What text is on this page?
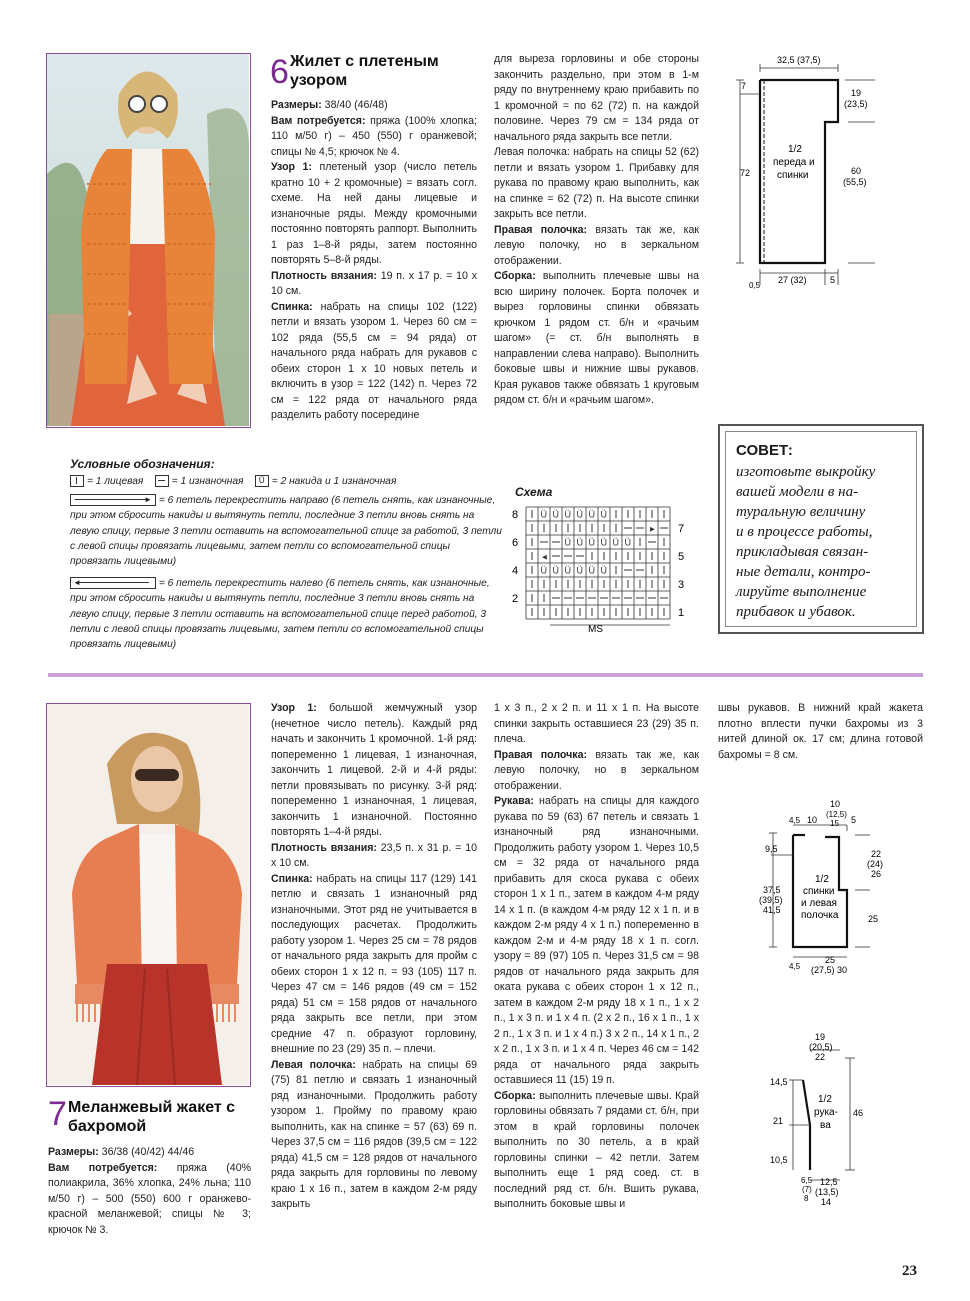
6 Жилет с плетеным узором

Размеры: 38/40 (46/48)

Вам потребуется: пряжа (100% хлопка; 110 м/50 г) – 450 (550) г оранжевой; спицы № 4,5; крючок № 4.

Узор 1: плетеный узор (число петель кратно 10 + 2 кромочные) = вязать согл. схеме. На ней даны лицевые и изнаночные ряды. Между кромочными постоянно повторять раппорт. Выполнить 1 раз 1–8-й ряды, затем постоянно повторять 5–8-й ряды.

Плотность вязания: 19 п. х 17 р. = 10 х 10 см.

Спинка: набрать на спицы 102 (122) петли и вязать узором 1. Через 60 см = 102 ряда (55,5 см = 94 ряда) от начального ряда набрать для рукавов с обеих сторон 1 х 10 новых петель и включить в узор = 122 (142) п. Через 72 см = 122 ряда от начального ряда разделить работу посередине

для выреза горловины и обе стороны закончить раздельно, при этом в 1-м ряду по внутреннему краю прибавить по 1 кромочной = по 62 (72) п. на каждой половине. Через 79 см = 134 ряда от начального ряда закрыть все петли.

Левая полочка: набрать на спицы 52 (62) петли и вязать узором 1. Прибавку для рукава по правому краю выполнить, как на спинке = 62 (72) п. На высоте спинки закрыть все петли.

Правая полочка: вязать так же, как левую полочку, но в зеркальном отображении.

Сборка: выполнить плечевые швы на всю ширину полочек. Борта полочек и вырез горловины спинки обвязать крючком 1 рядом ст. б/н и «рачьим шагом» (= ст. б/н выполнять в направлении слева направо). Выполнить боковые швы и нижние швы рукавов. Края рукавов также обвязать 1 круговым рядом ст. б/н и «рачьим шагом».

32,5 (37,5)
19
(23,5)
7
72	60
(55,5)
1/2
переда и
спинки
27 (32)
0,5
5
Условные обозначения:
= 1 лицевая	= 1 изнаночная Ü = 2 накида и 1 изнаночная
► = 6 петель перекрестить направо (6 петель снять, как изнаночные, при этом сбросить накиды и вытянуть петли, последние 3 петли вновь снять на левую спицу, первые 3 петли оставить на вспомогательной спице за работой, 3 петли с левой спицы провязать лицевыми, затем петли со вспомогательной спицы провязать лицевыми)
◄	= 6 петель перекрестить налево (6 петель снять, как изнаночные, при этом сбросить накиды и вытянуть петли, последние 3 петли вновь снять на левую спицу, первые 3 петли оставить на вспомогательной спице перед работой, 3 петли с левой спицы провязать лицевыми, затем петли со вспомогательной спицы провязать лицевыми)
Схема
Ü Ü Ü Ü Ü Ü
►
Ü Ü Ü Ü Ü Ü
◄
Ü Ü Ü Ü Ü Ü
8
6
4
2
7
5
3
1
MS
СОВЕТ:
изготовьте выкройку
вашей модели в на-
туральную величину
и в процессе работы,
прикладывая связан-
ные детали, контро-
лируйте выполнение
прибавок и убавок.
7 Меланжевый жакет с бахромой

Размеры: 36/38 (40/42) 44/46

Вам потребуется: пряжа (40% полиакрила, 36% хлопка, 24% льна; 110 м/50 г) – 500 (550) 600 г оранжево-красной меланжевой; спицы № 3; крючок № 3.

Узор 1: большой жемчужный узор (нечетное число петель). Каждый ряд начать и закончить 1 кромочной. 1-й ряд: попеременно 1 лицевая, 1 изнаночная, закончить 1 лицевой. 2-й и 4-й ряды: петли провязывать по рисунку. 3-й ряд: попеременно 1 изнаночная, 1 лицевая, закончить 1 изнаночной. Постоянно повторять 1–4-й ряды.

Плотность вязания: 23,5 п. х 31 р. = 10 х 10 см.

Спинка: набрать на спицы 117 (129) 141 петлю и связать 1 изнаночный ряд изнаночными. Этот ряд не учитывается в последующих расчетах. Продолжить работу узором 1. Через 25 см = 78 рядов от начального ряда закрыть для пройм с обеих сторон 1 х 12 п. = 93 (105) 117 п. Через 47 см = 146 рядов (49 см = 152 ряда) 51 см = 158 рядов от начального ряда закрыть все петли, при этом средние 47 п. образуют горловину, внешние по 23 (29) 35 п. – плечи.

Левая полочка: набрать на спицы 69 (75) 81 петлю и связать 1 изнаночный ряд изнаночными. Продолжить работу узором 1. Пройму по правому краю выполнить, как на спинке = 57 (63) 69 п. Через 37,5 см = 116 рядов (39,5 см = 122 ряда) 41,5 см = 128 рядов от начального ряда закрыть для горловины по левому краю 1 х 16 п., затем в каждом 2-м ряду закрыть

1 х 3 п., 2 х 2 п. и 11 х 1 п. На высоте спинки закрыть оставшиеся 23 (29) 35 п. плеча.

Правая полочка: вязать так же, как левую полочку, но в зеркальном отображении.

Рукава: набрать на спицы для каждого рукава по 59 (63) 67 петель и связать 1 изнаночный ряд изнаночными. Продолжить работу узором 1. Через 10,5 см = 32 ряда от начального ряда прибавить для скоса рукава с обеих сторон 1 х 1 п., затем в каждом 4-м ряду 14 х 1 п. (в каждом 4-м ряду 12 х 1 п. и в каждом 2-м ряду 4 х 1 п.) попеременно в каждом 2-м и 4-м ряду 18 х 1 п. согл. узору = 89 (97) 105 п. Через 31,5 см = 98 рядов от начального ряда закрыть для оката рукава с обеих сторон 1 х 12 п., затем в каждом 2-м ряду 18 х 1 п., 1 х 2 п., 1 х 3 п. и 1 х 4 п. (2 х 2 п., 16 х 1 п., 1 х 2 п., 1 х 3 п. и 1 х 4 п.) 3 х 2 п., 14 х 1 п., 2 х 2 п., 1 х 3 п. и 1 х 4 п. Через 46 см = 142 ряда от начального ряда закрыть оставшиеся 11 (15) 19 п.

Сборка: выполнить плечевые швы. Край горловины обвязать 7 рядами ст. б/н, при этом в край горловины полочек выполнить по 30 петель, а в край горловины спинки – 42 петли. Затем выполнить еще 1 ряд соед. ст. в последний ряд ст. б/н. Вшить рукава, выполнить боковые швы и

швы рукавов. В нижний край жакета плотно вплести пучки бахромы из 3 нитей длиной ок. 17 см; длина готовой бахромы = 8 см.

10
(12,5)
15
4,5 10	5
9,5	22
(24)
26
37,5
(39,5)
41,5
1/2
спинки
и левая
полочка	25
4,5
25
(27,5) 30
19
(20,5)
22
14,5
21
10,5
46
1/2
рука-
ва
6,5
(7)
8
12,5
(13,5)
14
23
